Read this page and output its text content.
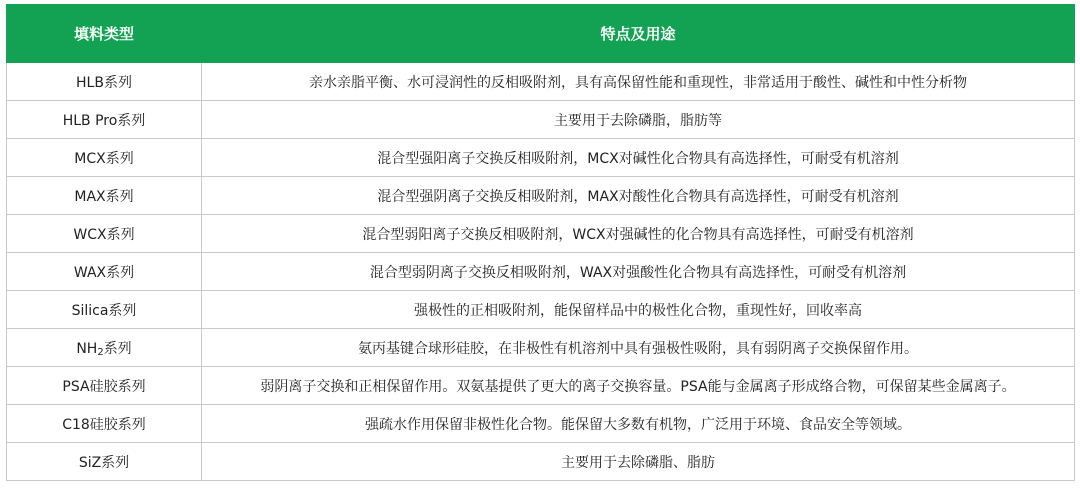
填料类型	特点及用途
HLB系列	亲水亲脂平衡、水可浸润性的反相吸附剂，具有高保留性能和重现性，非常适用于酸性、碱性和中性分析物
HLB Pro系列	主要用于去除磷脂，脂肪等
MCX系列	混合型强阳离子交换反相吸附剂，MCX对碱性化合物具有高选择性，可耐受有机溶剂
MAX系列	混合型强阴离子交换反相吸附剂，MAX对酸性化合物具有高选择性，可耐受有机溶剂
WCX系列	混合型弱阳离子交换反相吸附剂，WCX对强碱性的化合物具有高选择性，可耐受有机溶剂
WAX系列	混合型弱阴离子交换反相吸附剂，WAX对强酸性化合物具有高选择性，可耐受有机溶剂
Silica系列	强极性的正相吸附剂，能保留样品中的极性化合物，重现性好，回收率高
$NH_2$系列	氨丙基键合球形硅胶，在非极性有机溶剂中具有强极性吸附，具有弱阴离子交换保留作用。
PSA硅胶系列	弱阴离子交换和正相保留作用。双氨基提供了更大的离子交换容量。PSA能与金属离子形成络合物，可保留某些金属离子。
C18硅胶系列	强疏水作用保留非极性化合物。能保留大多数有机物，广泛用于环境、食品安全等领域。
SiZ系列	主要用于去除磷脂、脂肪
